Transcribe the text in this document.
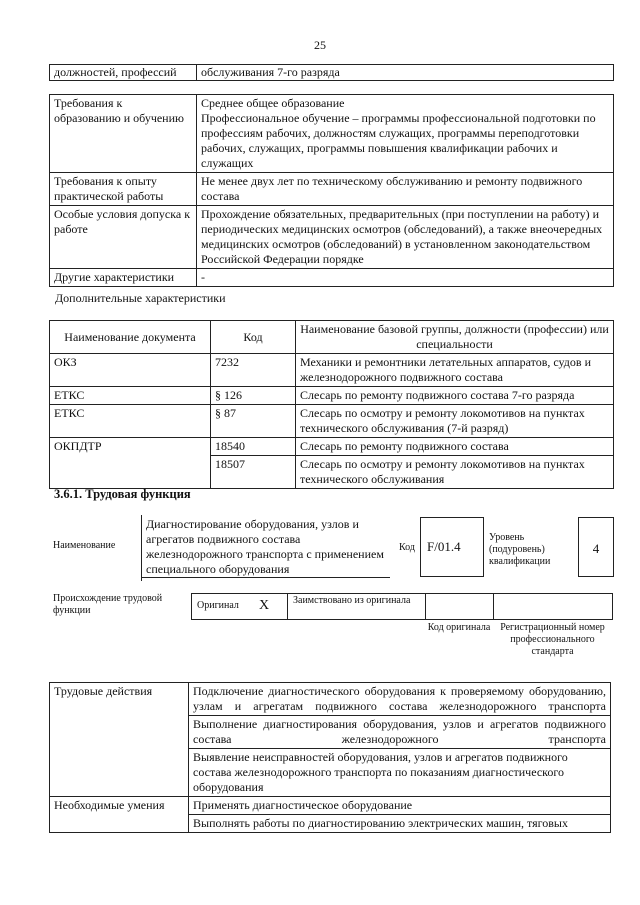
25
должностей, профессий	обслуживания 7-го разряда
Требования к образованию и обучению	Среднее общее образование
Профессиональное обучение – программы профессиональной подготовки по профессиям рабочих, должностям служащих, программы переподготовки рабочих, служащих, программы повышения квалификации рабочих и служащих

Требования к опыту практической работы	Не менее двух лет по техническому обслуживанию и ремонту подвижного состава
Особые условия допуска к работе	Прохождение обязательных, предварительных (при поступлении на работу) и периодических медицинских осмотров (обследований), а также внеочередных медицинских осмотров (обследований) в установленном законодательством Российской Федерации порядке
Другие характеристики	-
Дополнительные характеристики
Наименование документа	Код	Наименование базовой группы, должности (профессии) или специальности
ОКЗ	7232	Механики и ремонтники летательных аппаратов, судов и железнодорожного подвижного состава
ЕТКС	§ 126	Слесарь по ремонту подвижного состава 7-го разряда
ЕТКС	§ 87	Слесарь по осмотру и ремонту локомотивов на пунктах технического обслуживания (7-й разряд)
ОКПДТР	18540	Слесарь по ремонту подвижного состава
	18507	Слесарь по осмотру и ремонту локомотивов на пунктах технического обслуживания
3.6.1. Трудовая функция
Наименование
Диагностирование оборудования, узлов и агрегатов подвижного состава железнодорожного транспорта с применением специального оборудования
Код F/01.4
Уровень (подуровень) квалификации
4
Происхождение трудовой функции	Оригинал X Заимствовано из оригинала
Код оригинала Регистрационный номер профессионального стандарта
Трудовые действия	Подключение диагностического оборудования к проверяемому оборудованию, узлам и агрегатам подвижного состава железнодорожного транспорта
	Выполнение диагностирования оборудования, узлов и агрегатов подвижного состава железнодорожного транспорта
	Выявление неисправностей оборудования, узлов и агрегатов подвижного состава железнодорожного транспорта по показаниям диагностического оборудования
Необходимые умения	Применять диагностическое оборудование
	Выполнять работы по диагностированию электрических машин, тяговых
